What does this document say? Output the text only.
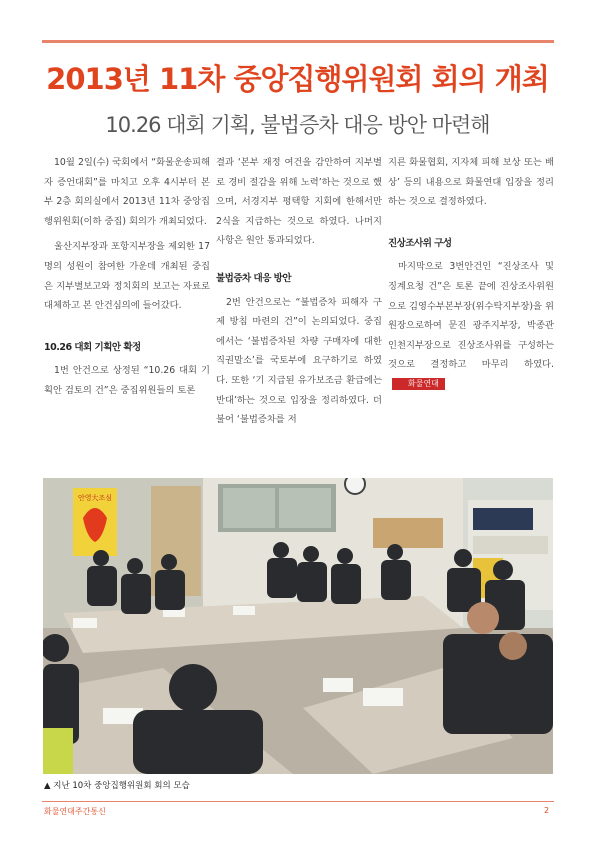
2013년 11차 중앙집행위원회 회의 개최
10.26 대회 기획, 불법증차 대응 방안 마련해

10월 2일(수) 국회에서 “화물운송피해자 증언대회”를 마치고 오후 4시부터 본부 2층 회의실에서 2013년 11차 중앙집행위원회(이하 중집) 회의가 개최되었다.

울산지부장과 포항지부장을 제외한 17명의 성원이 참여한 가운데 개최된 중집은 지부별보고와 정치회의 보고는 자료로 대체하고 본 안건심의에 들어갔다.

10.26 대회 기획안 확정

1번 안건으로 상정된 “10.26 대회 기획안 검토의 건”은 중집위원들의 토론

결과 ‘본부 재정 여건을 감안하여 지부별로 경비 절감을 위해 노력’하는 것으로 했으며, 서경지부 평택항 지회에 한해서만 2식을 지급하는 것으로 하였다. 나머지 사항은 원안 통과되었다.

불법증차 대응 방안

2번 안건으로는 “불법증차 피해자 구제 방침 마련의 건”이 논의되었다. 중집에서는 ‘불법증차된 차량 구매자에 대한 직권말소’를 국토부에 요구하기로 하였다. 또한 ‘기 지급된 유가보조금 환급에는 반대’하는 것으로 입장을 정리하였다. 더불어 ‘불법증차를 저

지른 화물협회, 지자체 피해 보상 또는 배상’ 등의 내용으로 화물연대 입장을 정리하는 것으로 결정하였다.

진상조사위 구성

마지막으로 3번안건인 “진상조사 및 징계요청 건”은 토론 끝에 진상조사위원으로 김영수부본부장(위수탁지부장)을 위원장으로하여 문진 광주지부장, 박종관 인천지부장으로 진상조사위를 구성하는 것으로 결정하고 마무리 하였다.화물연대

안영大조심
▲ 지난 10차 중앙집행위원회 회의 모습
화물연대주간통신	2
